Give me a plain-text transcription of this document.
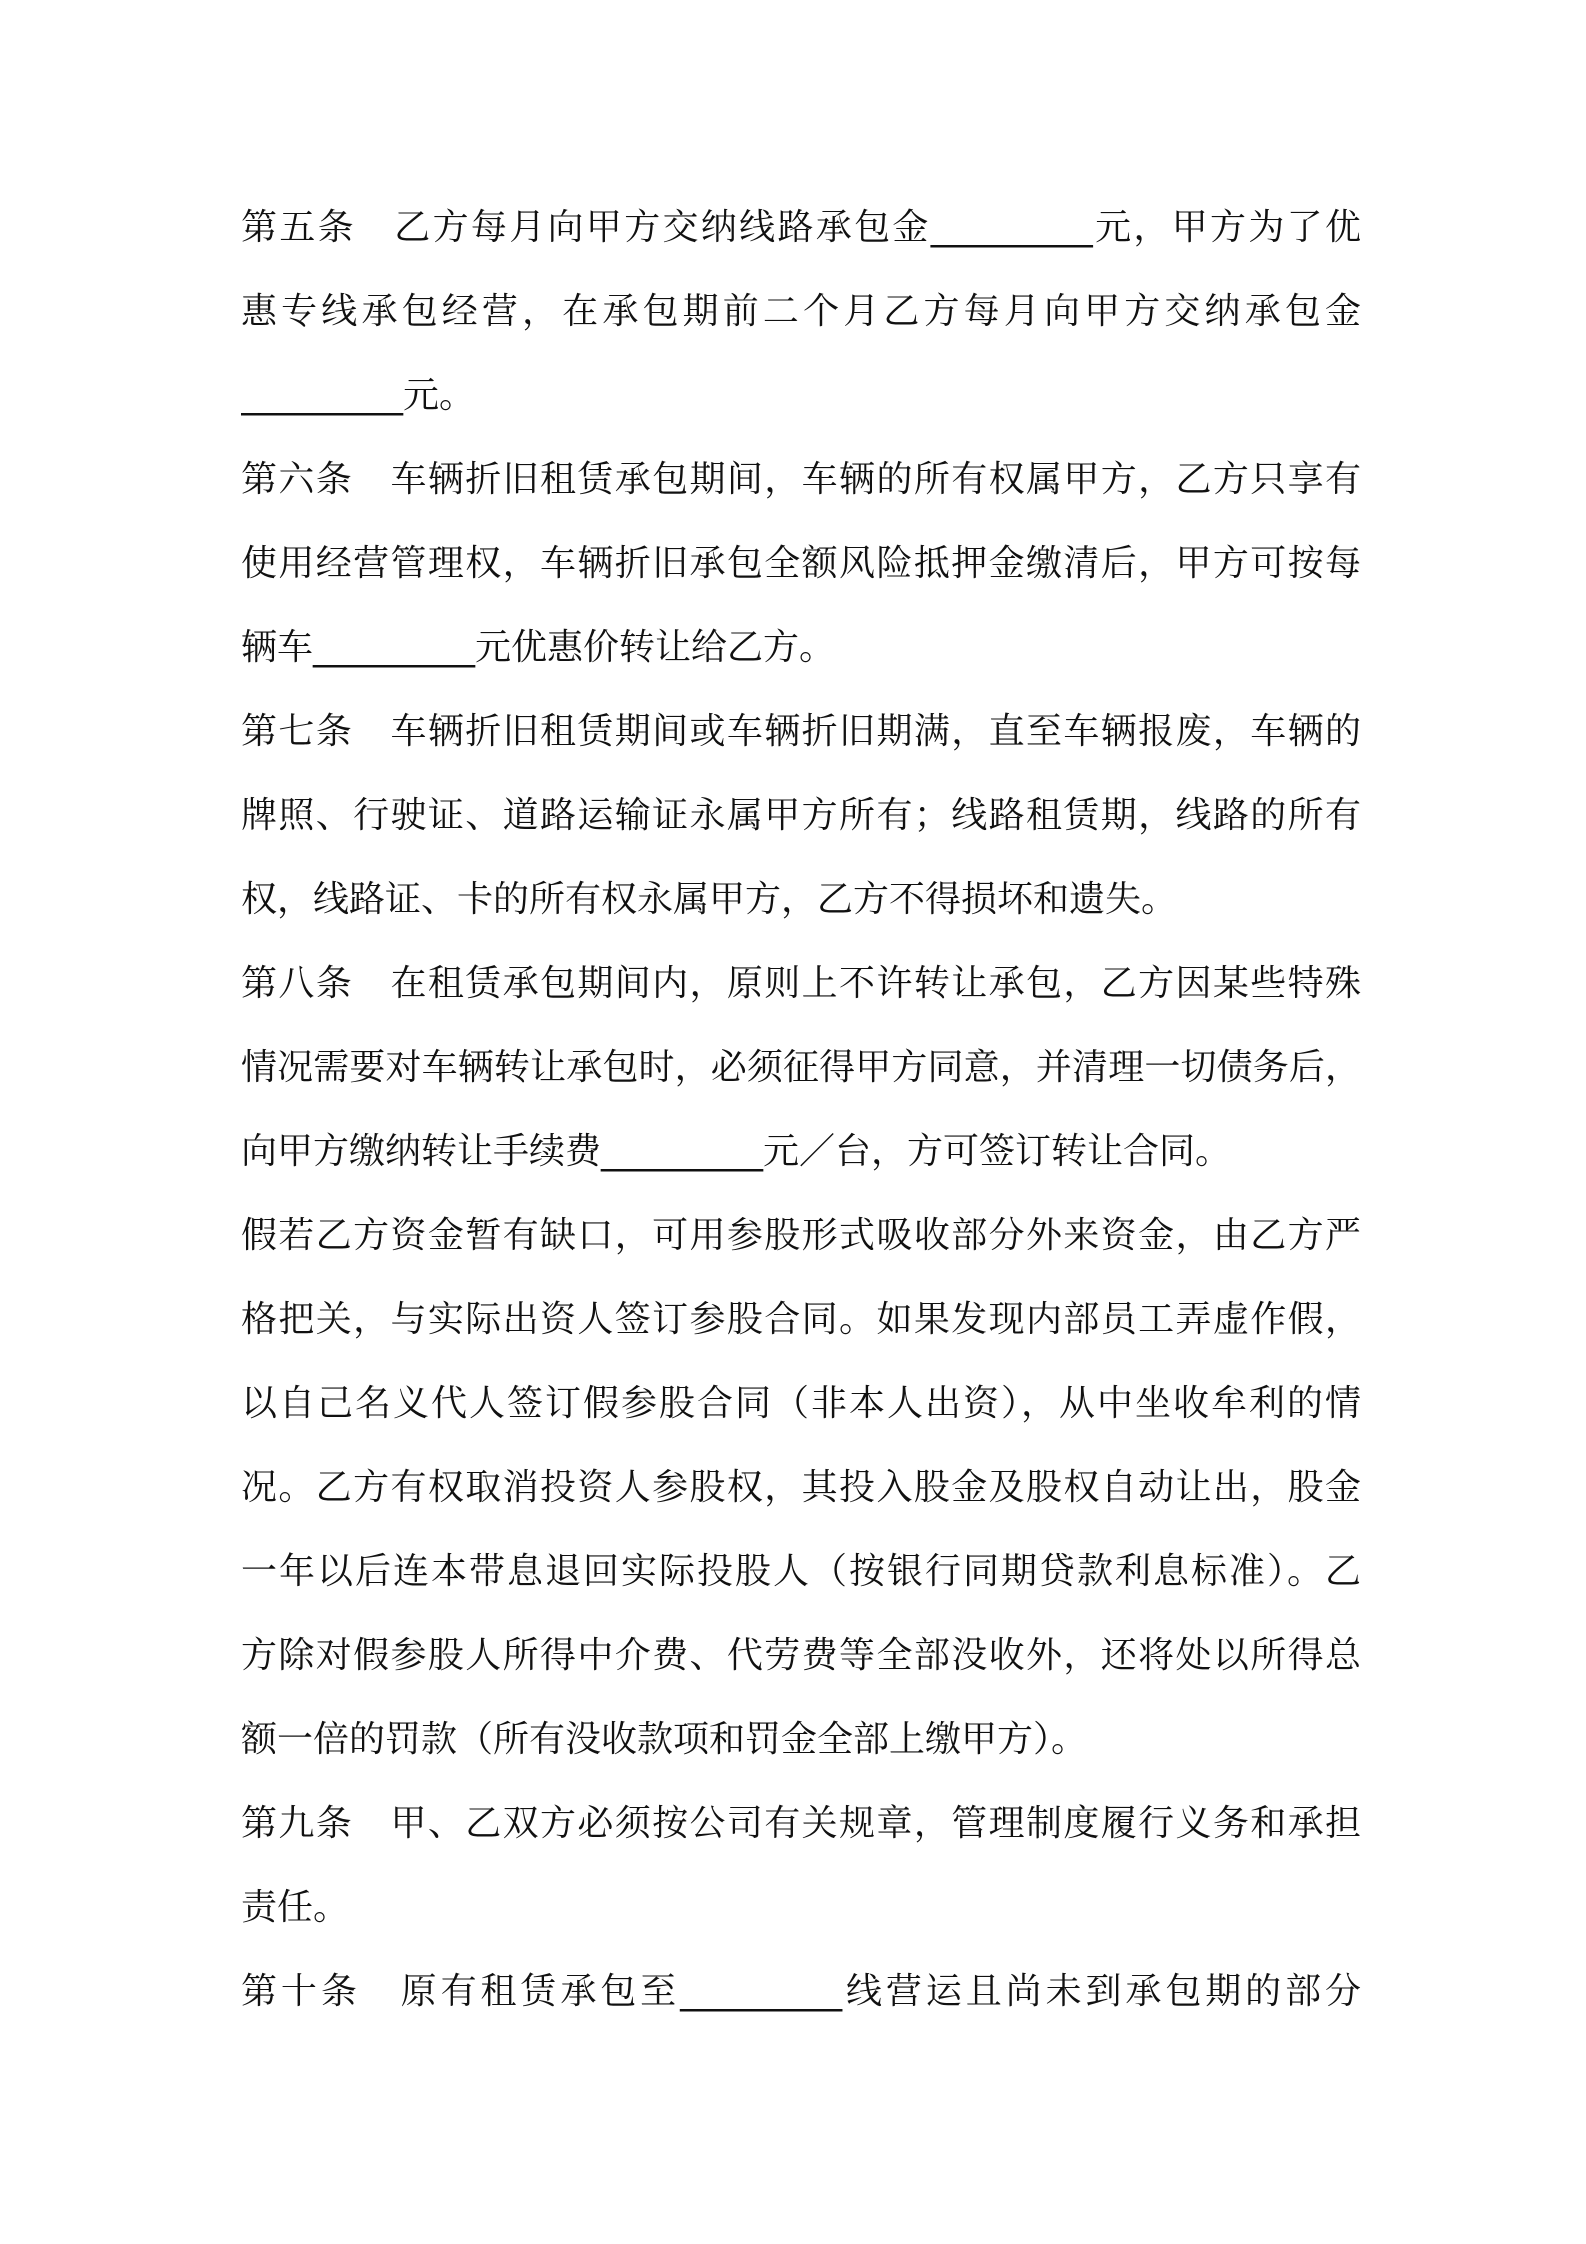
第五条　乙方每月向甲方交纳线路承包金_________元，甲方为了优
惠专线承包经营，在承包期前二个月乙方每月向甲方交纳承包金
_________元。
第六条　车辆折旧租赁承包期间，车辆的所有权属甲方，乙方只享有
使用经营管理权，车辆折旧承包全额风险抵押金缴清后，甲方可按每
辆车_________元优惠价转让给乙方。
第七条　车辆折旧租赁期间或车辆折旧期满，直至车辆报废，车辆的
牌照、行驶证、道路运输证永属甲方所有；线路租赁期，线路的所有
权，线路证、卡的所有权永属甲方，乙方不得损坏和遗失。
第八条　在租赁承包期间内，原则上不许转让承包，乙方因某些特殊
情况需要对车辆转让承包时，必须征得甲方同意，并清理一切债务后，
向甲方缴纳转让手续费_________元／台，方可签订转让合同。
假若乙方资金暂有缺口，可用参股形式吸收部分外来资金，由乙方严
格把关，与实际出资人签订参股合同。如果发现内部员工弄虚作假，
以自己名义代人签订假参股合同（非本人出资），从中坐收牟利的情
况。乙方有权取消投资人参股权，其投入股金及股权自动让出，股金
一年以后连本带息退回实际投股人（按银行同期贷款利息标准）。乙
方除对假参股人所得中介费、代劳费等全部没收外，还将处以所得总
额一倍的罚款（所有没收款项和罚金全部上缴甲方）。
第九条　甲、乙双方必须按公司有关规章，管理制度履行义务和承担
责任。
第十条　原有租赁承包至_________线营运且尚未到承包期的部分
